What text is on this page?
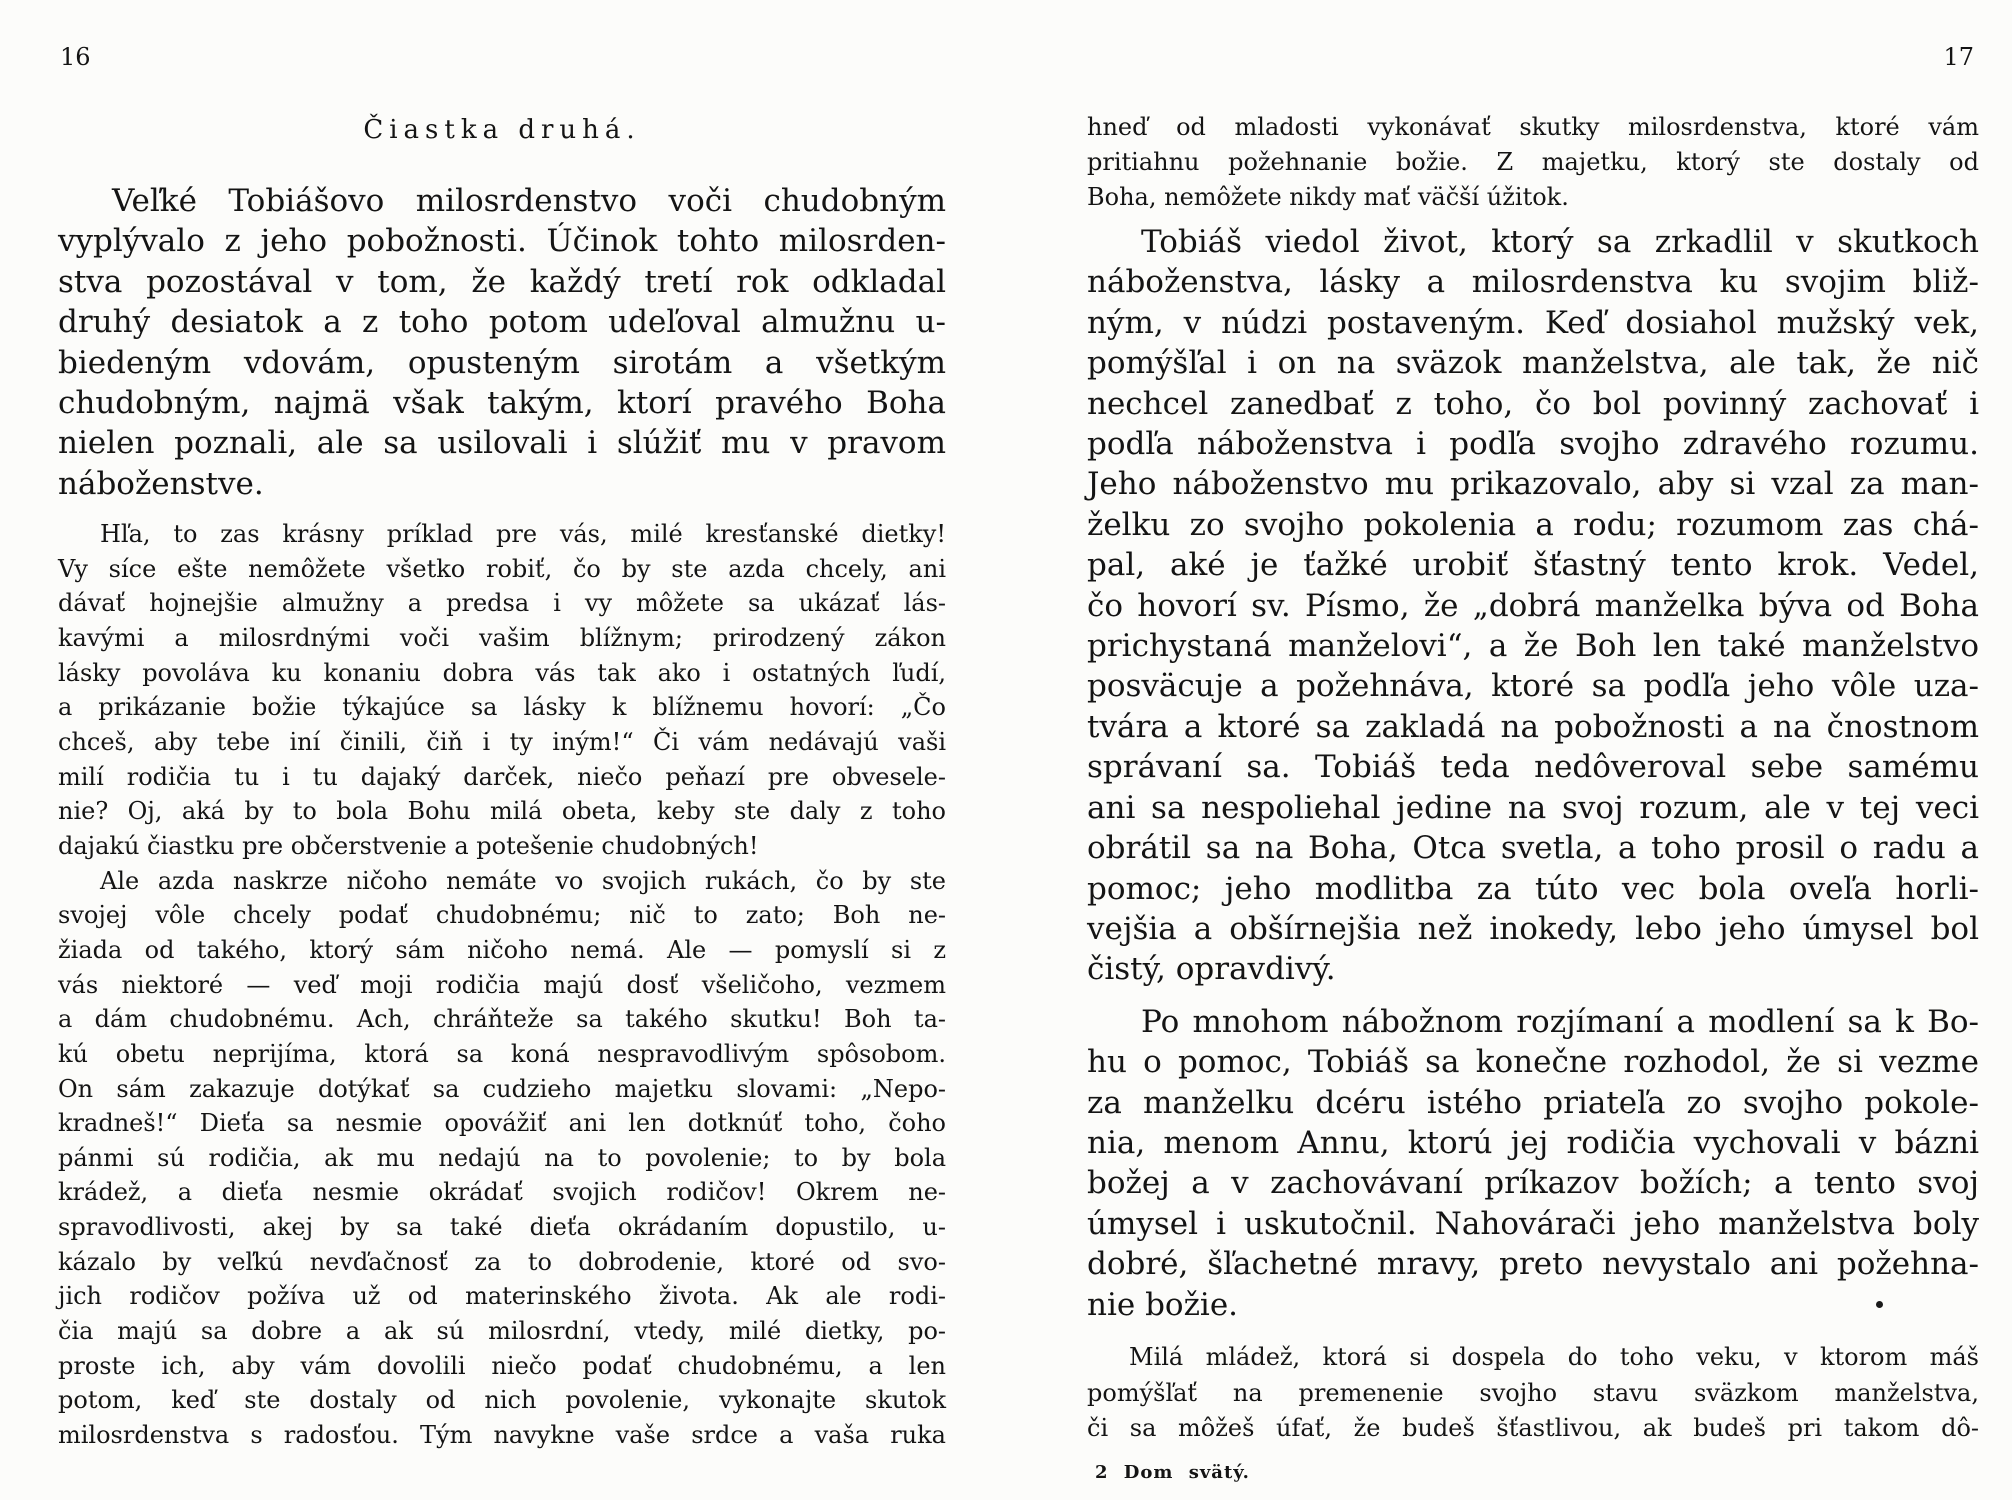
16
Čiastka druhá.
Veľké Tobiášovo milosrdenstvo voči chudobným
vyplývalo z jeho pobožnosti. Účinok tohto milosrden-
stva pozostával v tom, že každý tretí rok odkladal
druhý desiatok a z toho potom udeľoval almužnu u-
biedeným vdovám, opusteným sirotám a všetkým
chudobným, najmä však takým, ktorí pravého Boha
nielen poznali, ale sa usilovali i slúžiť mu v pravom
náboženstve.
Hľa, to zas krásny príklad pre vás, milé kresťanské dietky!
Vy síce ešte nemôžete všetko robiť, čo by ste azda chcely, ani
dávať hojnejšie almužny a predsa i vy môžete sa ukázať lás-
kavými a milosrdnými voči vašim blížnym; prirodzený zákon
lásky povoláva ku konaniu dobra vás tak ako i ostatných ľudí,
a prikázanie božie týkajúce sa lásky k blížnemu hovorí: „Čo
chceš, aby tebe iní činili, čiň i ty iným!“ Či vám nedávajú vaši
milí rodičia tu i tu dajaký darček, niečo peňazí pre obvesele-
nie? Oj, aká by to bola Bohu milá obeta, keby ste daly z toho
dajakú čiastku pre občerstvenie a potešenie chudobných!
Ale azda naskrze ničoho nemáte vo svojich rukách, čo by ste
svojej vôle chcely podať chudobnému; nič to zato; Boh ne-
žiada od takého, ktorý sám ničoho nemá. Ale — pomyslí si z
vás niektoré — veď moji rodičia majú dosť všeličoho, vezmem
a dám chudobnému. Ach, chráňteže sa takého skutku! Boh ta-
kú obetu neprijíma, ktorá sa koná nespravodlivým spôsobom.
On sám zakazuje dotýkať sa cudzieho majetku slovami: „Nepo-
kradneš!“ Dieťa sa nesmie opovážiť ani len dotknúť toho, čoho
pánmi sú rodičia, ak mu nedajú na to povolenie; to by bola
krádež, a dieťa nesmie okrádať svojich rodičov! Okrem ne-
spravodlivosti, akej by sa také dieťa okrádaním dopustilo, u-
kázalo by veľkú nevďačnosť za to dobrodenie, ktoré od svo-
jich rodičov požíva už od materinského života. Ak ale rodi-
čia majú sa dobre a ak sú milosrdní, vtedy, milé dietky, po-
proste ich, aby vám dovolili niečo podať chudobnému, a len
potom, keď ste dostaly od nich povolenie, vykonajte skutok
milosrdenstva s radosťou. Tým navykne vaše srdce a vaša ruka
17
hneď od mladosti vykonávať skutky milosrdenstva, ktoré vám
pritiahnu požehnanie božie. Z majetku, ktorý ste dostaly od
Boha, nemôžete nikdy mať väčší úžitok.
Tobiáš viedol život, ktorý sa zrkadlil v skutkoch
náboženstva, lásky a milosrdenstva ku svojim bliž-
ným, v núdzi postaveným. Keď dosiahol mužský vek,
pomýšľal i on na sväzok manželstva, ale tak, že nič
nechcel zanedbať z toho, čo bol povinný zachovať i
podľa náboženstva i podľa svojho zdravého rozumu.
Jeho náboženstvo mu prikazovalo, aby si vzal za man-
želku zo svojho pokolenia a rodu; rozumom zas chá-
pal, aké je ťažké urobiť šťastný tento krok. Vedel,
čo hovorí sv. Písmo, že „dobrá manželka býva od Boha
prichystaná manželovi“, a že Boh len také manželstvo
posväcuje a požehnáva, ktoré sa podľa jeho vôle uza-
tvára a ktoré sa zakladá na pobožnosti a na čnostnom
správaní sa. Tobiáš teda nedôveroval sebe samému
ani sa nespoliehal jedine na svoj rozum, ale v tej veci
obrátil sa na Boha, Otca svetla, a toho prosil o radu a
pomoc; jeho modlitba za túto vec bola oveľa horli-
vejšia a obšírnejšia než inokedy, lebo jeho úmysel bol
čistý, opravdivý.
Po mnohom nábožnom rozjímaní a modlení sa k Bo-
hu o pomoc, Tobiáš sa konečne rozhodol, že si vezme
za manželku dcéru istého priateľa zo svojho pokole-
nia, menom Annu, ktorú jej rodičia vychovali v bázni
božej a v zachovávaní príkazov božích; a tento svoj
úmysel i uskutočnil. Nahovárači jeho manželstva boly
dobré, šľachetné mravy, preto nevystalo ani požehna-
nie božie.
Milá mládež, ktorá si dospela do toho veku, v ktorom máš
pomýšľať na premenenie svojho stavu sväzkom manželstva,
či sa môžeš úfať, že budeš šťastlivou, ak budeš pri takom dô-
2 Dom svätý.
